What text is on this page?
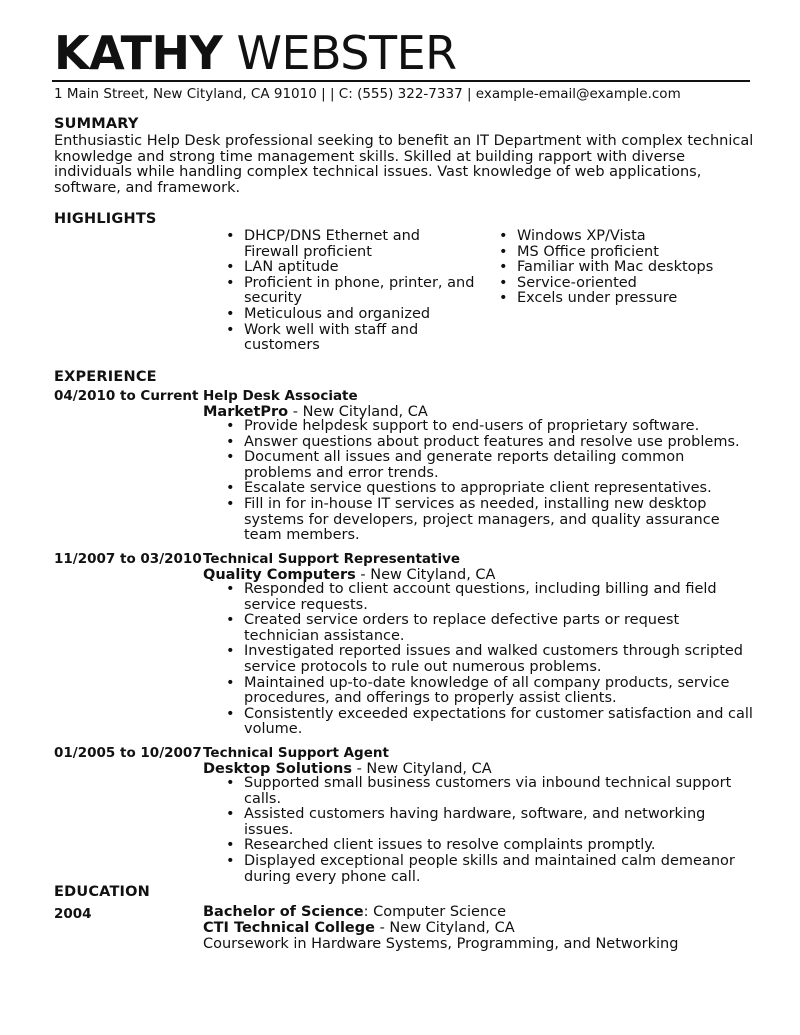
KATHY WEBSTER
1 Main Street, New Cityland, CA 91010 | | C: (555) 322-7337 | example-email@example.com
SUMMARY
Enthusiastic Help Desk professional seeking to benefit an IT Department with complex technical knowledge and strong time management skills. Skilled at building rapport with diverse individuals while handling complex technical issues. Vast knowledge of web applications, software, and framework.
HIGHLIGHTS
• DHCP/DNS Ethernet and Firewall proficient
• LAN aptitude
• Proficient in phone, printer, and security
• Meticulous and organized
• Work well with staff and customers
• Windows XP/Vista
• MS Office proficient
• Familiar with Mac desktops
• Service-oriented
• Excels under pressure
EXPERIENCE
04/2010 to Current Help Desk Associate
MarketPro - New Cityland, CA
• Provide helpdesk support to end-users of proprietary software.
• Answer questions about product features and resolve use problems.
• Document all issues and generate reports detailing common problems and error trends.
• Escalate service questions to appropriate client representatives.
• Fill in for in-house IT services as needed, installing new desktop systems for developers, project managers, and quality assurance team members.
11/2007 to 03/2010 Technical Support Representative
Quality Computers - New Cityland, CA
• Responded to client account questions, including billing and field service requests.
• Created service orders to replace defective parts or request technician assistance.
• Investigated reported issues and walked customers through scripted service protocols to rule out numerous problems.
• Maintained up-to-date knowledge of all company products, service procedures, and offerings to properly assist clients.
• Consistently exceeded expectations for customer satisfaction and call volume.
01/2005 to 10/2007 Technical Support Agent
Desktop Solutions - New Cityland, CA
• Supported small business customers via inbound technical support calls.
• Assisted customers having hardware, software, and networking issues.
• Researched client issues to resolve complaints promptly.
• Displayed exceptional people skills and maintained calm demeanor during every phone call.
EDUCATION
2004	Bachelor of Science: Computer Science
CTI Technical College - New Cityland, CA
Coursework in Hardware Systems, Programming, and Networking
